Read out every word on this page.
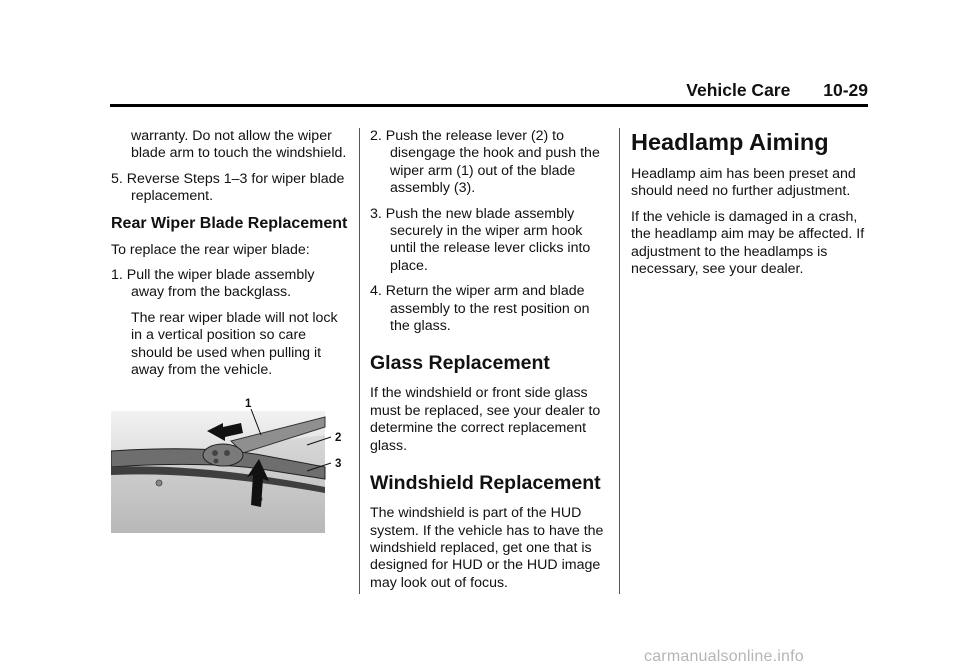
Vehicle Care 10-29

warranty. Do not allow the wiper blade arm to touch the windshield.

5. Reverse Steps 1–3 for wiper blade replacement.

Rear Wiper Blade Replacement

To replace the rear wiper blade:

1. Pull the wiper blade assembly away from the backglass.

The rear wiper blade will not lock in a vertical position so care should be used when pulling it away from the vehicle.

1
2
3

2. Push the release lever (2) to disengage the hook and push the wiper arm (1) out of the blade assembly (3).

3. Push the new blade assembly securely in the wiper arm hook until the release lever clicks into place.

4. Return the wiper arm and blade assembly to the rest position on the glass.

Glass Replacement

If the windshield or front side glass must be replaced, see your dealer to determine the correct replacement glass.

Windshield Replacement

The windshield is part of the HUD system. If the vehicle has to have the windshield replaced, get one that is designed for HUD or the HUD image may look out of focus.

Headlamp Aiming

Headlamp aim has been preset and should need no further adjustment.

If the vehicle is damaged in a crash, the headlamp aim may be affected. If adjustment to the headlamps is necessary, see your dealer.

carmanualsonline.info
